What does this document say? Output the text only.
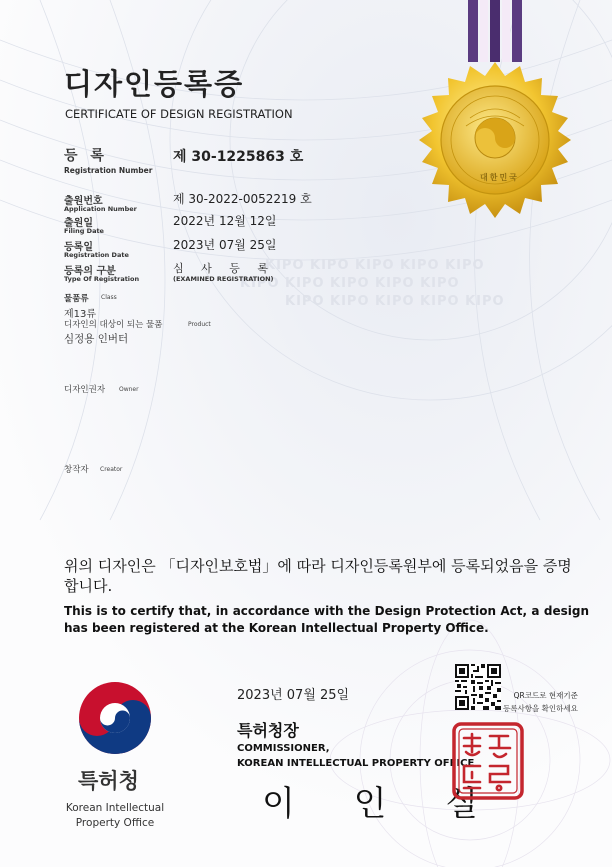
대한민국
KIPO KIPO KIPO KIPO KIPO
KIPO KIPO KIPO KIPO KIPO
KIPO KIPO KIPO KIPO KIPO
디자인등록증
CERTIFICATE OF DESIGN REGISTRATION
등 록
Registration Number
제 30-1225863 호
출원번호
Application Number
제 30-2022-0052219 호
출원일
Filing Date
2022년 12월 12일
등록일
Registration Date
2023년 07월 25일
등록의 구분
Type Of Registration
심 사 등 록
(EXAMINED REGISTRATION)
물품류 Class
제13류
디자인의 대상이 되는 물품	Product
심정용 인버터
디자인권자 Owner
창작자 Creator
위의 디자인은 「디자인보호법」에 따라 디자인등록원부에 등록되었음을 증명합니다.
This is to certify that, in accordance with the Design Protection Act, a design has been registered at the Korean Intellectual Property Office.
2023년 07월 25일	QR코드로 현재기준
등록사항을 확인하세요
특허청장
COMMISSIONER,
KOREAN INTELLECTUAL PROPERTY OFFICE
이 인 실
특허청
Korean Intellectual
Property Office
